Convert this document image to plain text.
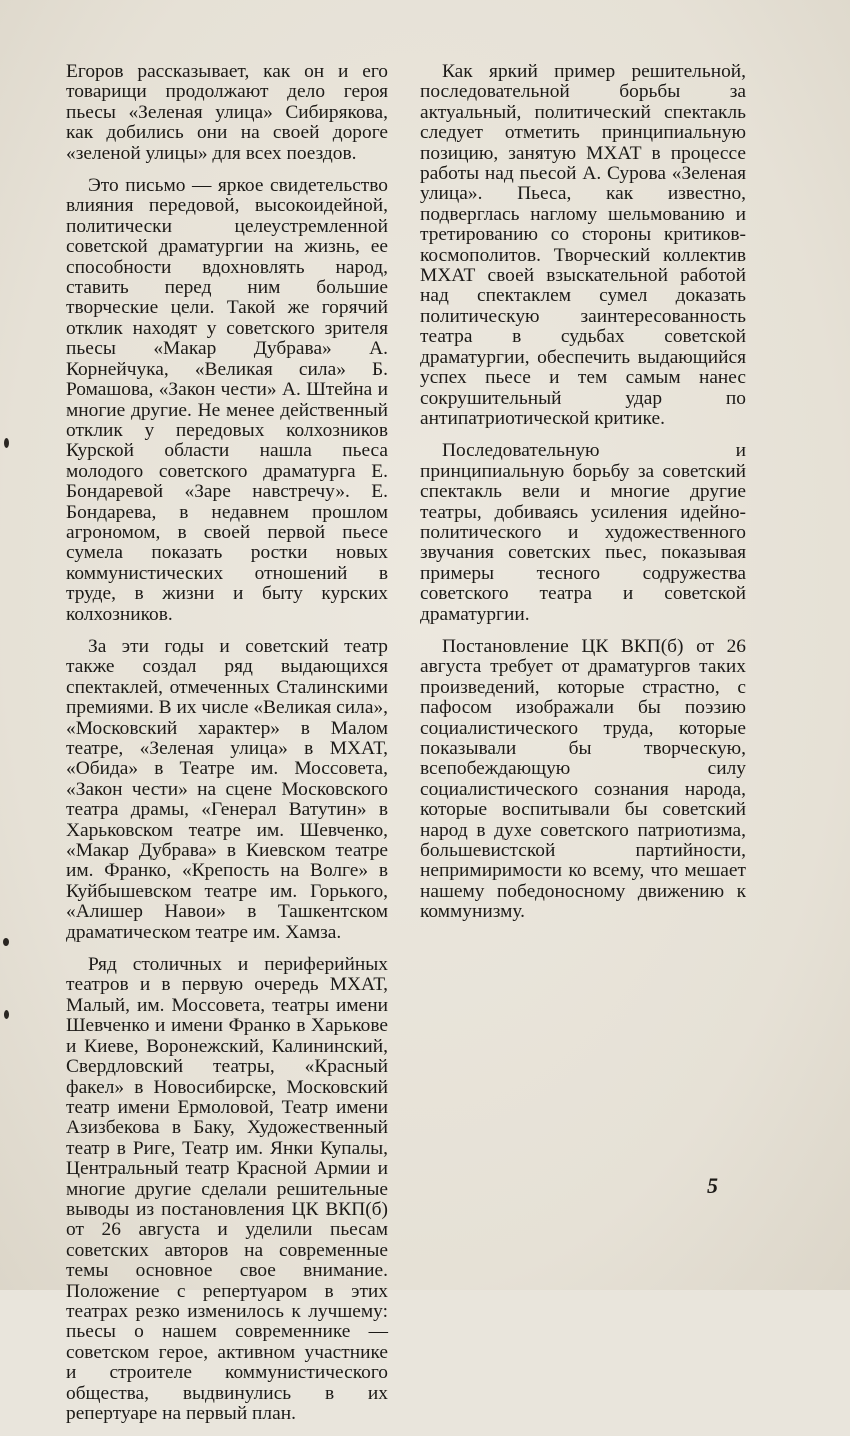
Егоров рассказывает, как он и его товарищи продолжают дело героя пьесы «Зеленая улица» Сибирякова, как добились они на своей дороге «зеленой улицы» для всех поездов.

Это письмо — яркое свидетельство влияния передовой, высокоидейной, политически целеустремленной советской драматургии на жизнь, ее способности вдохновлять народ, ставить перед ним большие творческие цели. Такой же горячий отклик находят у советского зрителя пьесы «Макар Дубрава» А. Корнейчука, «Великая сила» Б. Ромашова, «Закон чести» А. Штейна и многие другие. Не менее действенный отклик у передовых колхозников Курской области нашла пьеса молодого советского драматурга Е. Бондаревой «Заре навстречу». Е. Бондарева, в недавнем прошлом агрономом, в своей первой пьесе сумела показать ростки новых коммунистических отношений в труде, в жизни и быту курских колхозников.

За эти годы и советский театр также создал ряд выдающихся спектаклей, отмеченных Сталинскими премиями. В их числе «Великая сила», «Московский характер» в Малом театре, «Зеленая улица» в МХАТ, «Обида» в Театре им. Моссовета, «Закон чести» на сцене Московского театра драмы, «Генерал Ватутин» в Харьковском театре им. Шевченко, «Макар Дубрава» в Киевском театре им. Франко, «Крепость на Волге» в Куйбышевском театре им. Горького, «Алишер Навои» в Ташкентском драматическом театре им. Хамза.

Ряд столичных и периферийных театров и в первую очередь МХАТ, Малый, им. Моссовета, театры имени Шевченко и имени Франко в Харькове и Киеве, Воронежский, Калининский, Свердловский театры, «Красный факел» в Новосибирске, Московский театр имени Ермоловой, Театр имени Азизбекова в Баку, Художественный театр в Риге, Театр им. Янки Купалы, Центральный театр Красной Армии и многие другие сделали решительные выводы из постановления ЦК ВКП(б) от 26 августа и уделили пьесам советских авторов на современные темы основное свое внимание. Положение с репертуаром в этих театрах резко изменилось к лучшему: пьесы о нашем современнике — советском герое, активном участнике и строителе коммунистического общества, выдвинулись в их репертуаре на первый план.

Как яркий пример решительной, последовательной борьбы за актуальный, политический спектакль следует отметить принципиальную позицию, занятую МХАТ в процессе работы над пьесой А. Сурова «Зеленая улица». Пьеса, как известно, подверглась наглому шельмованию и третированию со стороны критиков-космополитов. Творческий коллектив МХАТ своей взыскательной работой над спектаклем сумел доказать политическую заинтересованность театра в судьбах советской драматургии, обеспечить выдающийся успех пьесе и тем самым нанес сокрушительный удар по антипатриотической критике.

Последовательную и принципиальную борьбу за советский спектакль вели и многие другие театры, добиваясь усиления идейно-политического и художественного звучания советских пьес, показывая примеры тесного содружества советского театра и советской драматургии.

Постановление ЦК ВКП(б) от 26 августа требует от драматургов таких произведений, которые страстно, с пафосом изображали бы поэзию социалистического труда, которые показывали бы творческую, всепобеждающую силу социалистического сознания народа, которые воспитывали бы советский народ в духе советского патриотизма, большевистской партийности, непримиримости ко всему, что мешает нашему победоносному движению к коммунизму.

5
